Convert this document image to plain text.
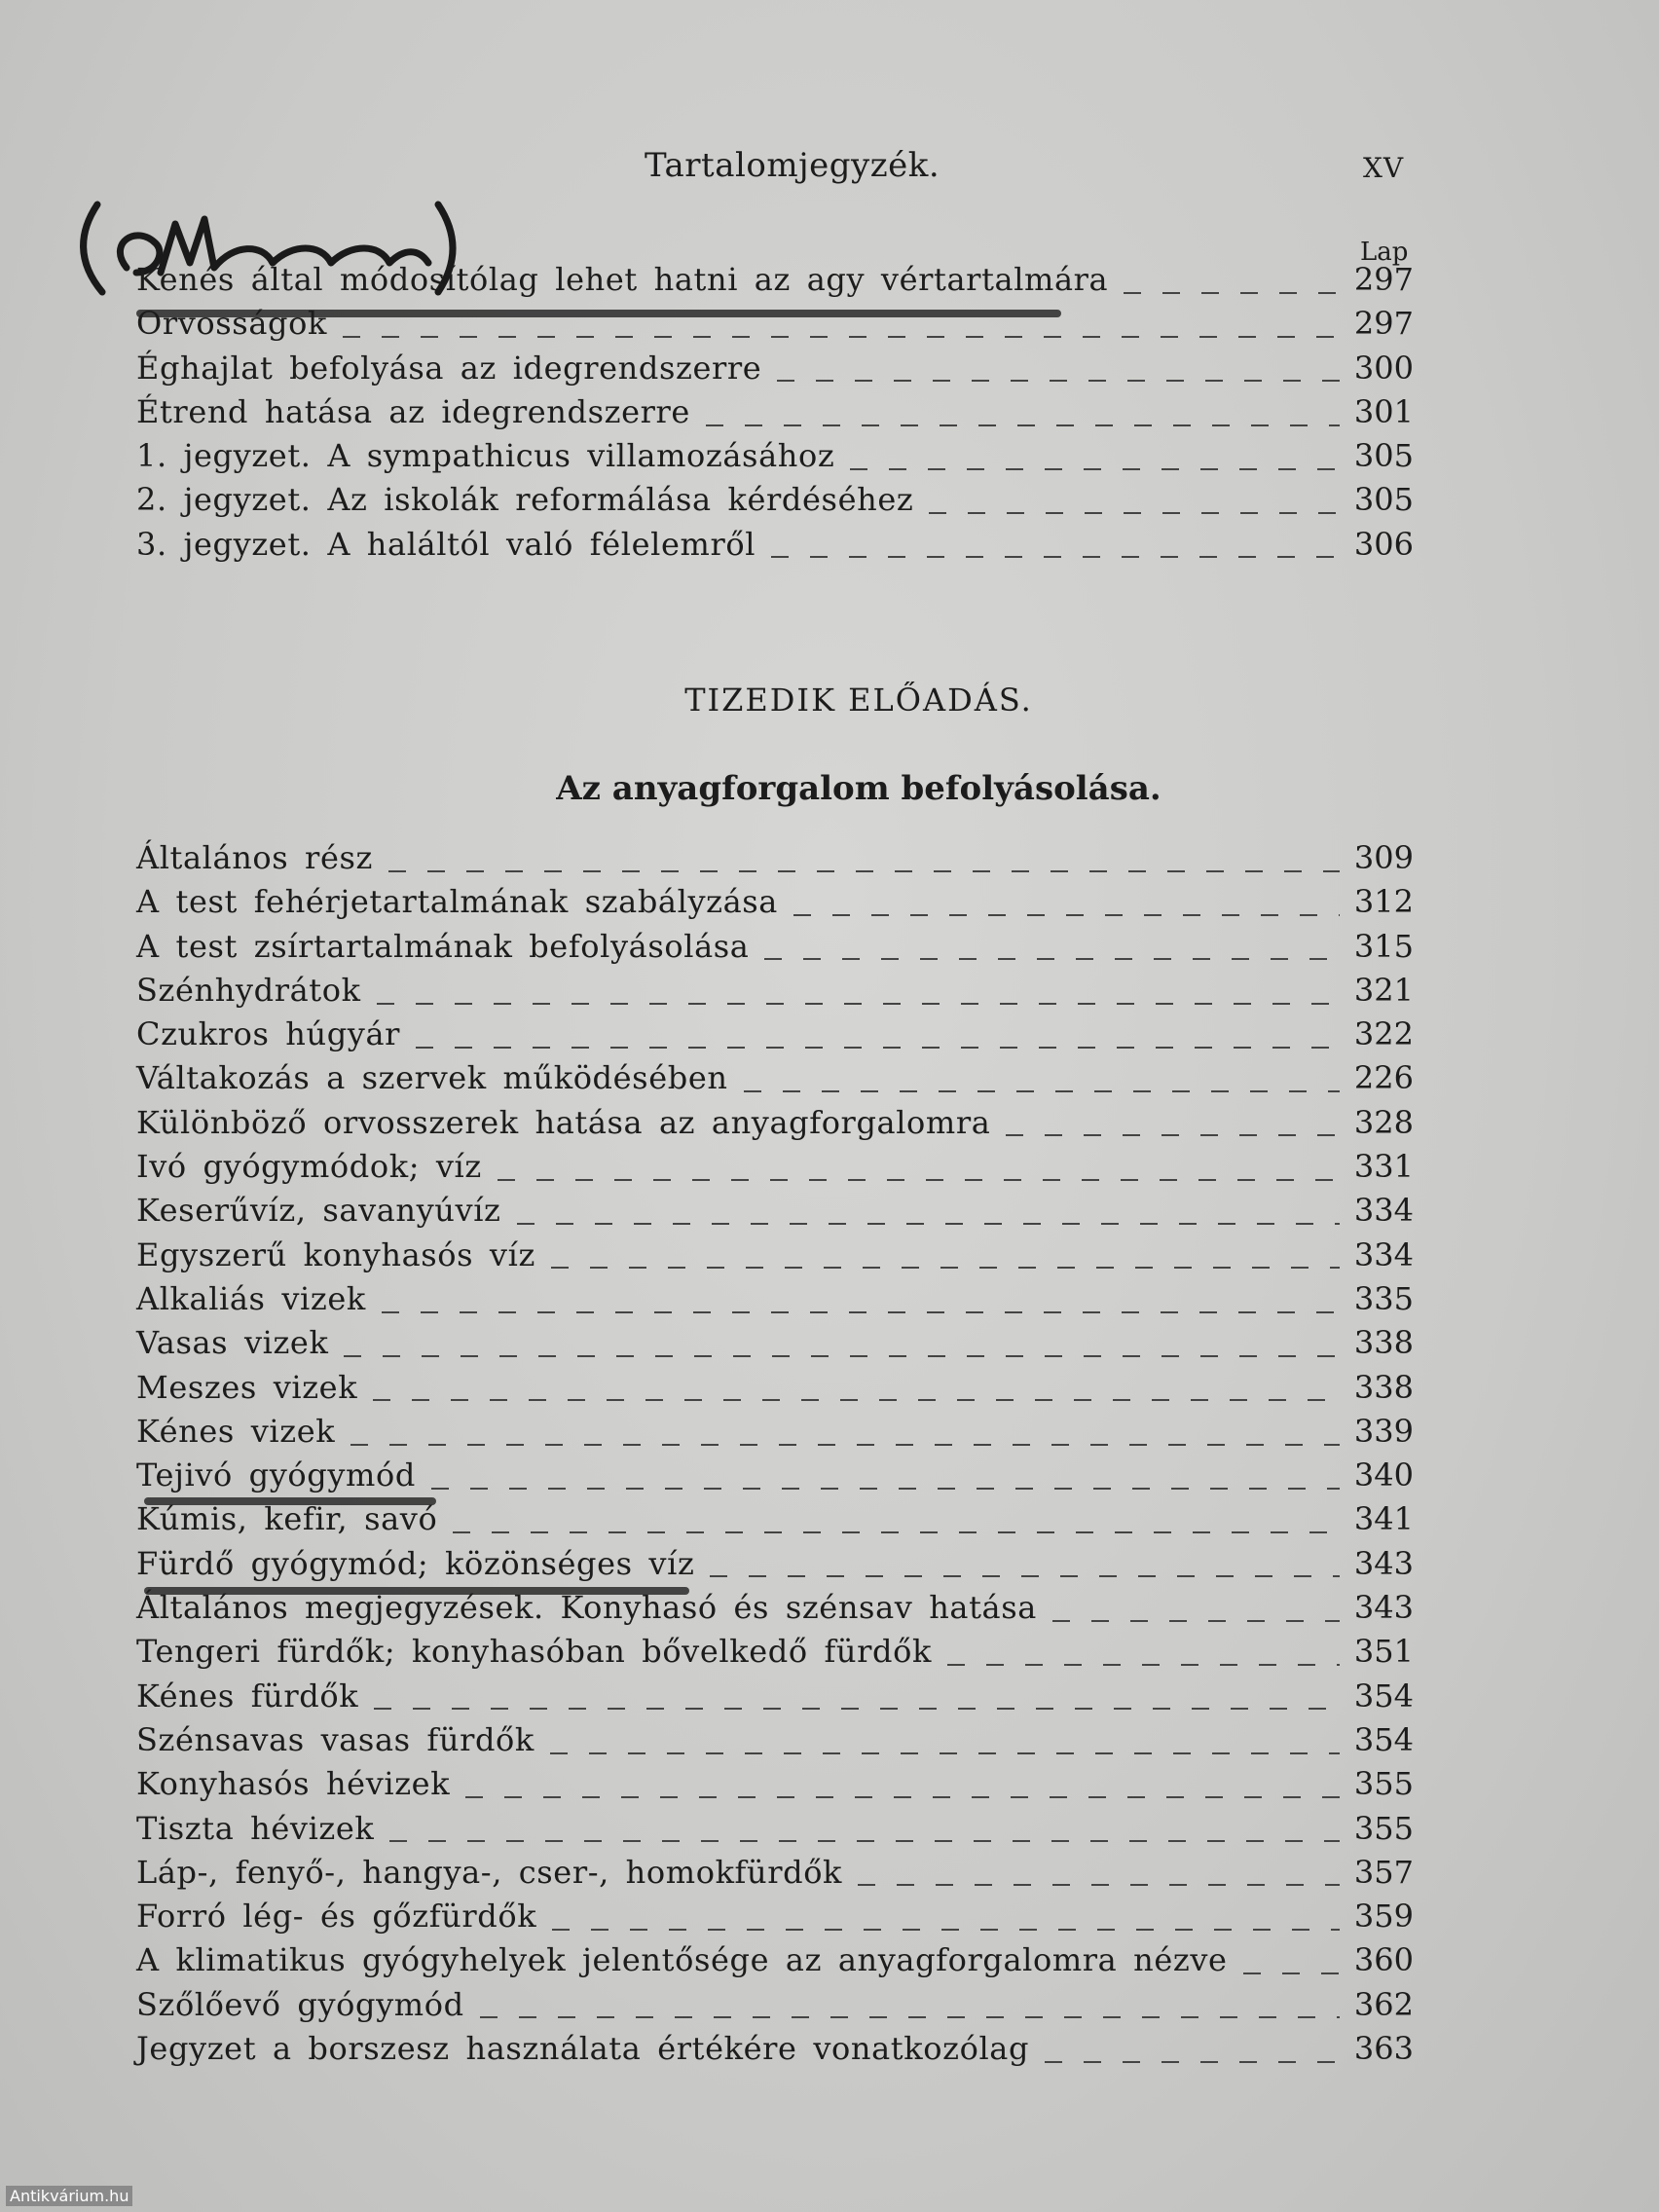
Tartalomjegyzék.	XV
Lap
Kenés által módosítólag lehet hatni az agy vértartalmára	297
Orvosságok	297
Éghajlat befolyása az idegrendszerre	300
Étrend hatása az idegrendszerre	301
1. jegyzet. A sympathicus villamozásához	305
2. jegyzet. Az iskolák reformálása kérdéséhez	305
3. jegyzet. A haláltól való félelemről	306
TIZEDIK ELŐADÁS.
Az anyagforgalom befolyásolása.
Általános rész	309
A test fehérjetartalmának szabályzása	312
A test zsírtartalmának befolyásolása	315
Szénhydrátok	321
Czukros húgyár	322
Váltakozás a szervek működésében	226
Különböző orvosszerek hatása az anyagforgalomra	328
Ivó gyógymódok; víz	331
Keserűvíz, savanyúvíz	334
Egyszerű konyhasós víz	334
Alkaliás vizek	335
Vasas vizek	338
Meszes vizek	338
Kénes vizek	339
Tejivó gyógymód	340
Kúmis, kefir, savó	341
Fürdő gyógymód; közönséges víz	343
Általános megjegyzések. Konyhasó és szénsav hatása	343
Tengeri fürdők; konyhasóban bővelkedő fürdők	351
Kénes fürdők	354
Szénsavas vasas fürdők	354
Konyhasós hévizek	355
Tiszta hévizek	355
Láp-, fenyő-, hangya-, cser-, homokfürdők	357
Forró lég- és gőzfürdők	359
A klimatikus gyógyhelyek jelentősége az anyagforgalomra nézve	360
Szőlőevő gyógymód	362
Jegyzet a borszesz használata értékére vonatkozólag	363
Antikvárium.hu
